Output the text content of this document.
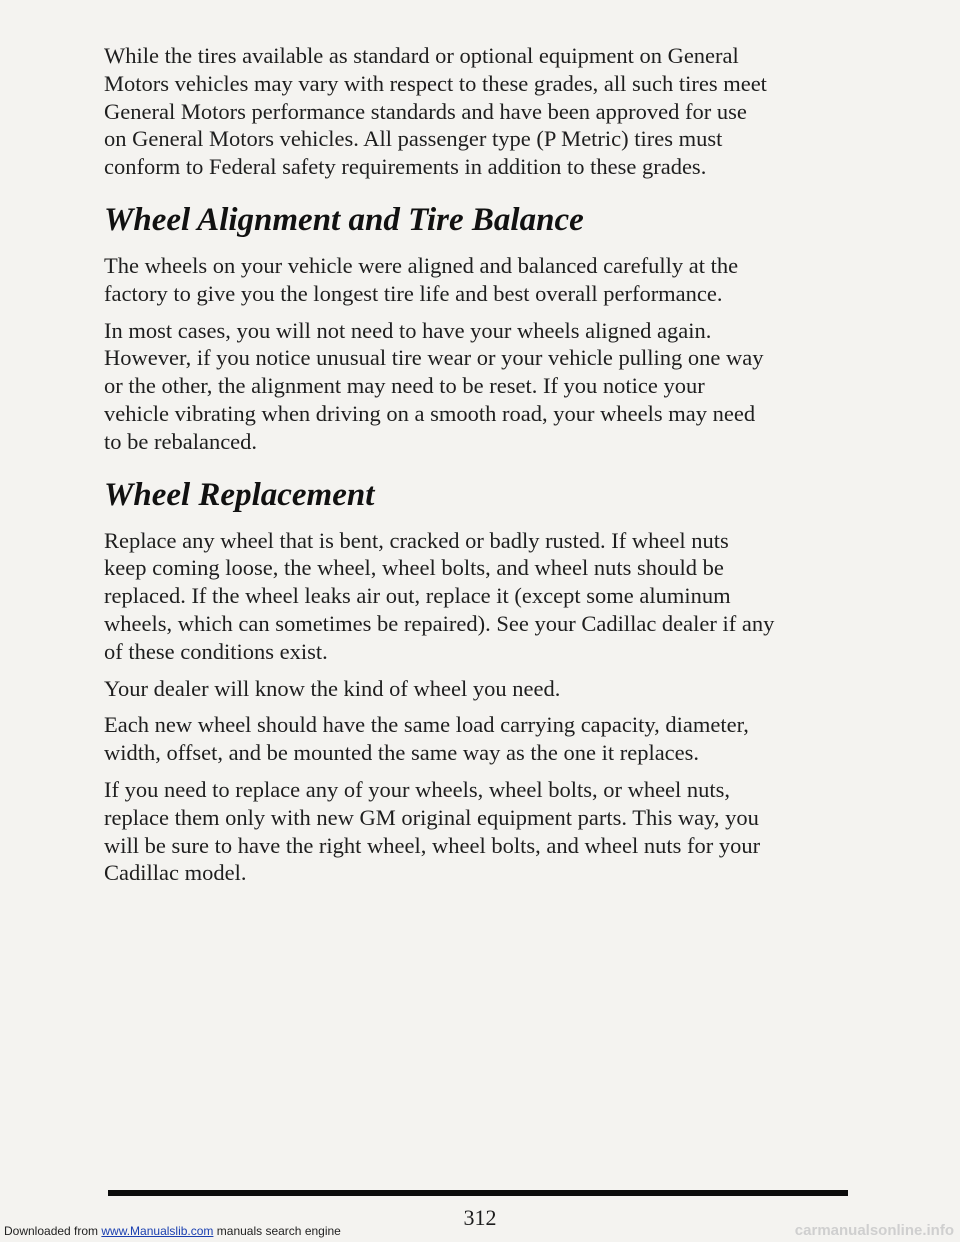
While the tires available as standard or optional equipment on General
Motors vehicles may vary with respect to these grades, all such tires meet
General Motors performance standards and have been approved for use
on General Motors vehicles. All passenger type (P Metric) tires must
conform to Federal safety requirements in addition to these grades.

Wheel Alignment and Tire Balance

The wheels on your vehicle were aligned and balanced carefully at the
factory to give you the longest tire life and best overall performance.

In most cases, you will not need to have your wheels aligned again.
However, if you notice unusual tire wear or your vehicle pulling one way
or the other, the alignment may need to be reset. If you notice your
vehicle vibrating when driving on a smooth road, your wheels may need
to be rebalanced.

Wheel Replacement

Replace any wheel that is bent, cracked or badly rusted. If wheel nuts
keep coming loose, the wheel, wheel bolts, and wheel nuts should be
replaced. If the wheel leaks air out, replace it (except some aluminum
wheels, which can sometimes be repaired). See your Cadillac dealer if any
of these conditions exist.

Your dealer will know the kind of wheel you need.

Each new wheel should have the same load carrying capacity, diameter,
width, offset, and be mounted the same way as the one it replaces.

If you need to replace any of your wheels, wheel bolts, or wheel nuts,
replace them only with new GM original equipment parts. This way, you
will be sure to have the right wheel, wheel bolts, and wheel nuts for your
Cadillac model.

312
Downloaded from www.Manualslib.com manuals search engine	carmanualsonline.info
